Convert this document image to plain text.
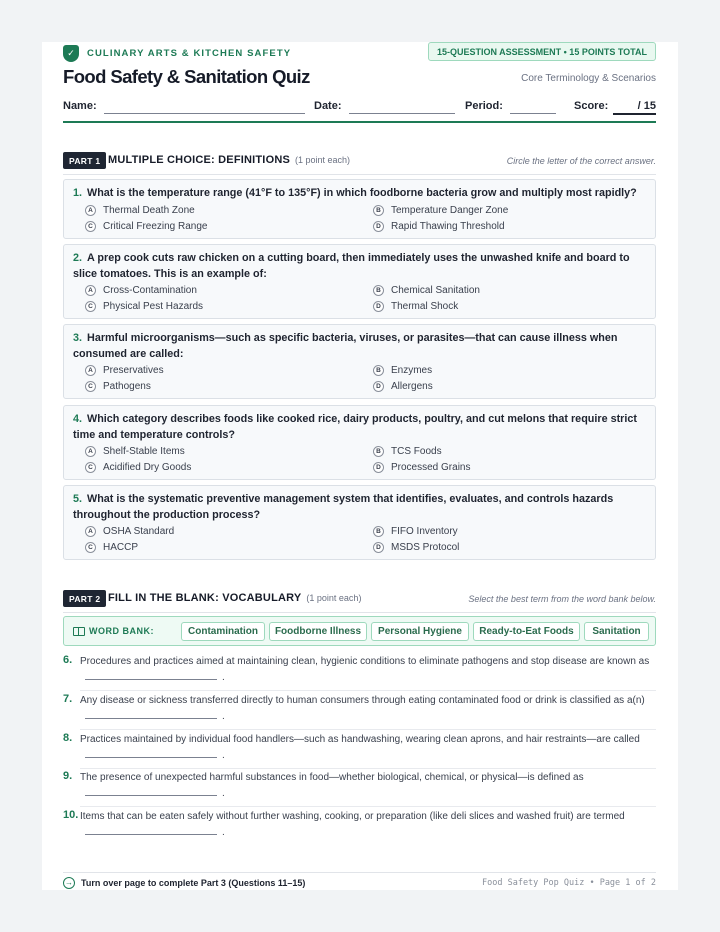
✓	CULINARY ARTS & KITCHEN SAFETY	15-QUESTION ASSESSMENT • 15 POINTS TOTAL
Food Safety & Sanitation Quiz	Core Terminology & Scenarios
Name:	Date:	Period:	Score:	/ 15
PART 1 MULTIPLE CHOICE: DEFINITIONS (1 point each)	Circle the letter of the correct answer.
1. What is the temperature range (41°F to 135°F) in which foodborne bacteria grow and multiply most rapidly?
A	Thermal Death Zone	B	Temperature Danger Zone
C	Critical Freezing Range	D	Rapid Thawing Threshold
2. A prep cook cuts raw chicken on a cutting board, then immediately uses the unwashed knife and board to slice tomatoes. This is an example of:
A	Cross-Contamination	B	Chemical Sanitation
C	Physical Pest Hazards	D	Thermal Shock
3. Harmful microorganisms—such as specific bacteria, viruses, or parasites—that can cause illness when consumed are called:
A	Preservatives	B	Enzymes
C	Pathogens	D	Allergens
4. Which category describes foods like cooked rice, dairy products, poultry, and cut melons that require strict time and temperature controls?
A	Shelf-Stable Items	B	TCS Foods
C	Acidified Dry Goods	D	Processed Grains
5. What is the systematic preventive management system that identifies, evaluates, and controls hazards throughout the production process?
A	OSHA Standard	B	FIFO Inventory
C	HACCP	D	MSDS Protocol
PART 2 FILL IN THE BLANK: VOCABULARY (1 point each)	Select the best term from the word bank below.
WORD BANK:	Contamination	Foodborne Illness	Personal Hygiene	Ready-to-Eat Foods	Sanitation
6. Procedures and practices aimed at maintaining clean, hygienic conditions to eliminate pathogens and stop disease are known as.
7. Any disease or sickness transferred directly to human consumers through eating contaminated food or drink is classified as a(n).
8. Practices maintained by individual food handlers—such as handwashing, wearing clean aprons, and hair restraints—are called.
9. The presence of unexpected harmful substances in food—whether biological, chemical, or physical—is defined as.
10. Items that can be eaten safely without further washing, cooking, or preparation (like deli slices and washed fruit) are termed.
→ Turn over page to complete Part 3 (Questions 11–15)	Food Safety Pop Quiz • Page 1 of 2
